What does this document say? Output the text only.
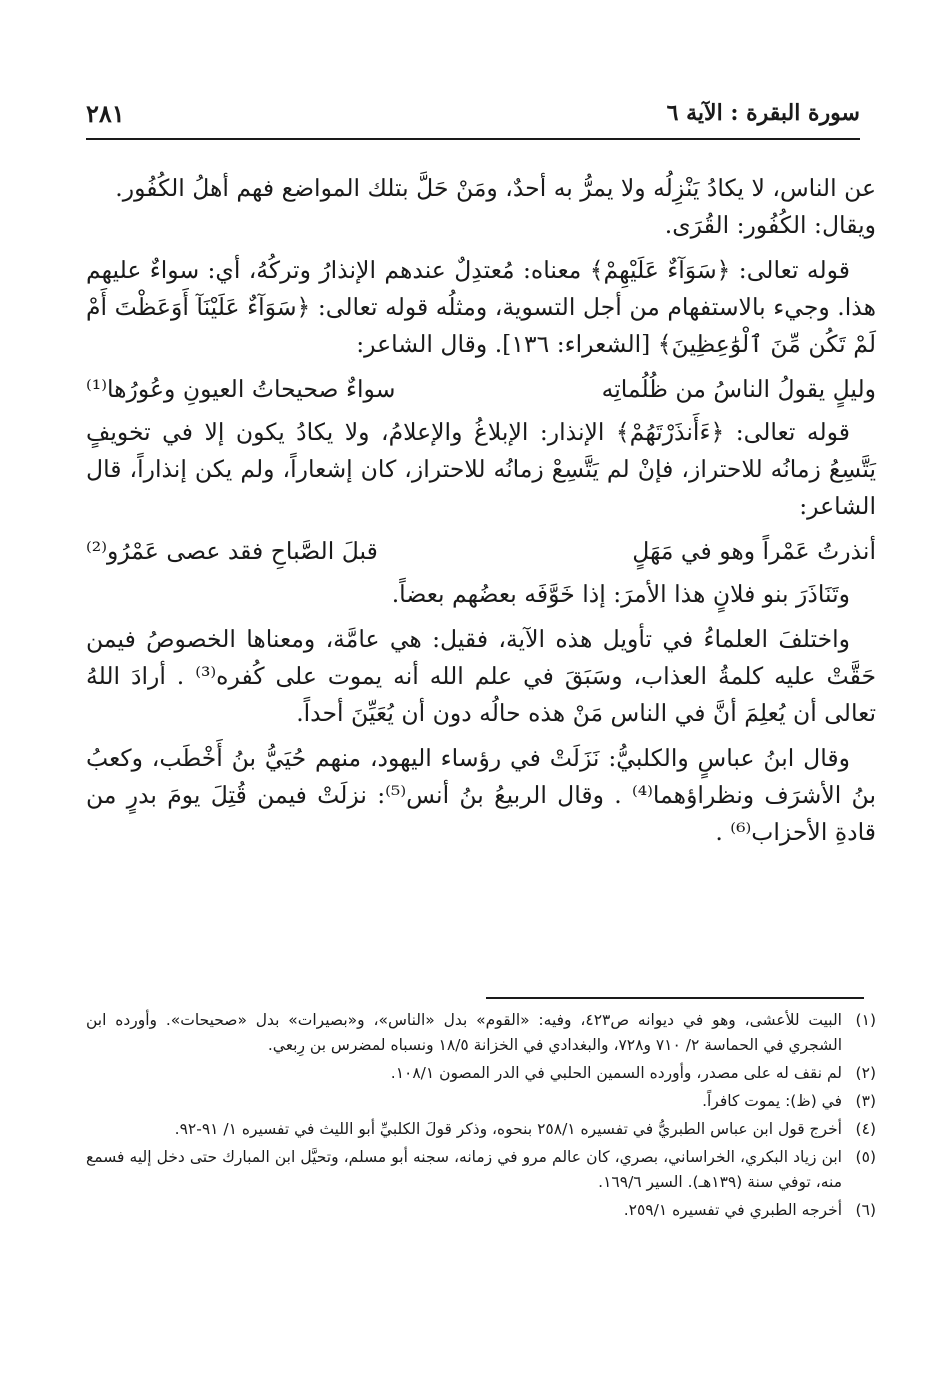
سورة البقرة : الآية ٦
٢٨١

عن الناس، لا يكادُ يَنْزِلُه ولا يمرُّ به أحدٌ، ومَنْ حَلَّ بتلك المواضع فهم أهلُ الكُفُور.
ويقال: الكُفُور: القُرَى.

قوله تعالى: ﴿سَوَآءٌ عَلَيْهِمْ﴾ معناه: مُعتدِلٌ عندهم الإنذارُ وتركُهُ، أي: سواءٌ عليهم هذا. وجيء بالاستفهام من أجل التسوية، ومثلُه قوله تعالى: ﴿سَوَآءٌ عَلَيْنَآ أَوَعَظْتَ أَمْ لَمْ تَكُن مِّنَ ٱلْوَٰعِظِينَ﴾ [الشعراء: ١٣٦]. وقال الشاعر:

وليلٍ يقولُ الناسُ من ظُلُماتِه
سواءٌ صحيحاتُ العيونِ وعُورُها⁽¹⁾

قوله تعالى: ﴿ءَأَنذَرْتَهُمْ﴾ الإنذار: الإبلاغُ والإعلامُ، ولا يكادُ يكون إلا في تخويفٍ يَتَّسِعُ زمانُه للاحتراز، فإنْ لم يَتَّسِعْ زمانُه للاحتراز، كان إشعاراً، ولم يكن إنذاراً، قال الشاعر:

أنذرتُ عَمْراً وهو في مَهَلٍ
قبلَ الصَّباحِ فقد عصى عَمْرُو⁽²⁾

وتَنَاذَرَ بنو فلانٍ هذا الأمرَ: إذا خَوَّفَه بعضُهم بعضاً.

واختلفَ العلماءُ في تأويل هذه الآية، فقيل: هي عامَّة، ومعناها الخصوصُ فيمن حَقَّتْ عليه كلمةُ العذاب، وسَبَقَ في علم الله أنه يموت على كُفره⁽³⁾ . أرادَ اللهُ تعالى أن يُعلِمَ أنَّ في الناس مَنْ هذه حالُه دون أن يُعَيِّنَ أحداً.

وقال ابنُ عباسٍ والكلبيُّ: نَزَلَتْ في رؤساء اليهود، منهم حُيَيُّ بنُ أَخْطَب، وكعبُ بنُ الأشرَف ونظراؤهما⁽⁴⁾ . وقال الربيعُ بنُ أنس⁽⁵⁾: نزلَتْ فيمن قُتِلَ يومَ بدرٍ من قادةِ الأحزاب⁽⁶⁾ .

(١)
البيت للأعشى، وهو في ديوانه ص٤٢٣، وفيه: «القوم» بدل «الناس»، و«بصيرات» بدل «صحيحات». وأورده ابن الشجري في الحماسة ٢/ ٧١٠ و٧٢٨، والبغدادي في الخزانة ١٨/٥ ونسباه لمضرس بن رِبعي.
(٢)
لم نقف له على مصدر، وأورده السمين الحلبي في الدر المصون ١٠٨/١.
(٣)
في (ظ): يموت كافراً.
(٤)
أخرج قول ابن عباس الطبريُّ في تفسيره ٢٥٨/١ بنحوه، وذكر قولَ الكلبيِّ أبو الليث في تفسيره ١/ ٩١-٩٢.
(٥)
ابن زياد البكري، الخراساني، بصري، كان عالم مرو في زمانه، سجنه أبو مسلم، وتحيَّل ابن المبارك حتى دخل إليه فسمع منه، توفي سنة (١٣٩هـ). السير ١٦٩/٦.
(٦)
أخرجه الطبري في تفسيره ٢٥٩/١.
